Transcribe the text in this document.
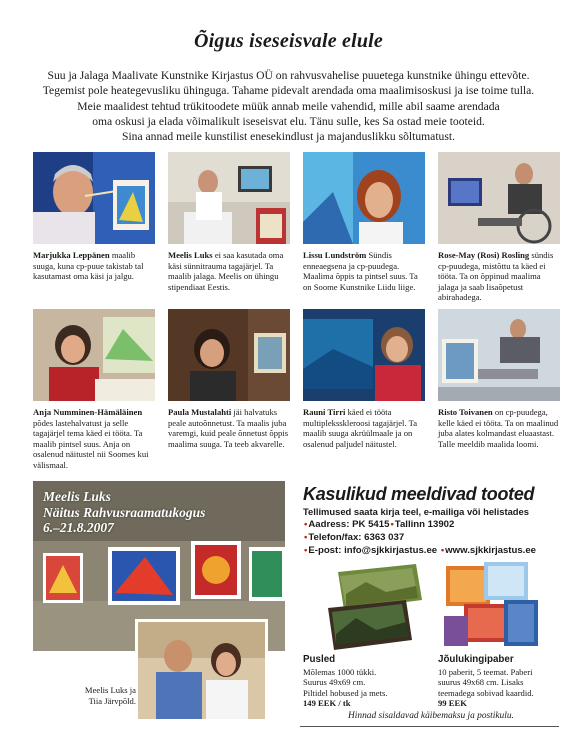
Õigus iseseisvale elule

Suu ja Jalaga Maalivate Kunstnike Kirjastus OÜ on rahvusvahelise puuetega kunstnike ühingu ettevõte.

Tegemist pole heategevusliku ühinguga. Tahame pidevalt arendada oma maalimisoskusi ja ise toime tulla.

Meie maalidest tehtud trükitoodete müük annab meile vahendid, mille abil saame arendada

oma oskusi ja elada võimalikult iseseisvat elu. Tänu sulle, kes Sa ostad meie tooteid.

Sina annad meile kunstilist enesekindlust ja majanduslikku sõltumatust.

Marjukka Leppänen maalib suuga, kuna cp-puue takistab tal kasutamast oma käsi ja jalgu.
Meelis Luks ei saa kasutada oma käsi sünnitrauma tagajärjel. Ta maalib jalaga. Meelis on ühingu stipendiaat Eestis.
Lissu Lundström Sündis enneaegsena ja cp-puudega. Maalima õppis ta pintsel suus. Ta on Soome Kunstnike Liidu liige.
Rose-May (Rosi) Rosling sündis cp-puudega, mistõttu ta käed ei tööta. Ta on õppinud maalima jalaga ja saab lisaõpetust abirahadega.
Anja Numminen-Hämäläinen põdes lastehalvatust ja selle tagajärjel tema käed ei tööta. Ta maalib pintsel suus. Anja on osalenud näitustel nii Soomes kui välismaal.
Paula Mustalahti jäi halvatuks peale autoõnnetust. Ta maalis juba varemgi, kuid peale õnnetust õppis maalima suuga. Ta teeb akvarelle.
Rauni Tirri käed ei tööta multipleksskleroosi tagajärjel. Ta maalib suuga akrüülmaale ja on osalenud paljudel näitustel.
Risto Toivanen on cp-puudega, kelle käed ei tööta. Ta on maalinud juba alates kolmandast eluaastast. Talle meeldib maalida loomi.
Meelis Luks
Näitus Rahvusraamatukogus
6.–21.8.2007
Meelis Luks ja Tiia Järvpõld.
Kasulikud meeldivad tooted
Tellimused saata kirja teel, e-mailiga või helistades
•Aadress: PK 5415•Tallinn 13902
•Telefon/fax: 6363 037
•E-post: info@sjkkirjastus.ee •www.sjkkirjastus.ee
Pusled
Mõlemas 1000 tükki.
Suurus 49x69 cm.
Piltidel hobused ja mets.
149 EEK / tk
Jõulukingipaber
10 paberit, 5 teemat. Paberi
suurus 49x68 cm. Lisaks
teemadega sobivad kaardid.
99 EEK
Hinnad sisaldavad käibemaksu ja postikulu.
